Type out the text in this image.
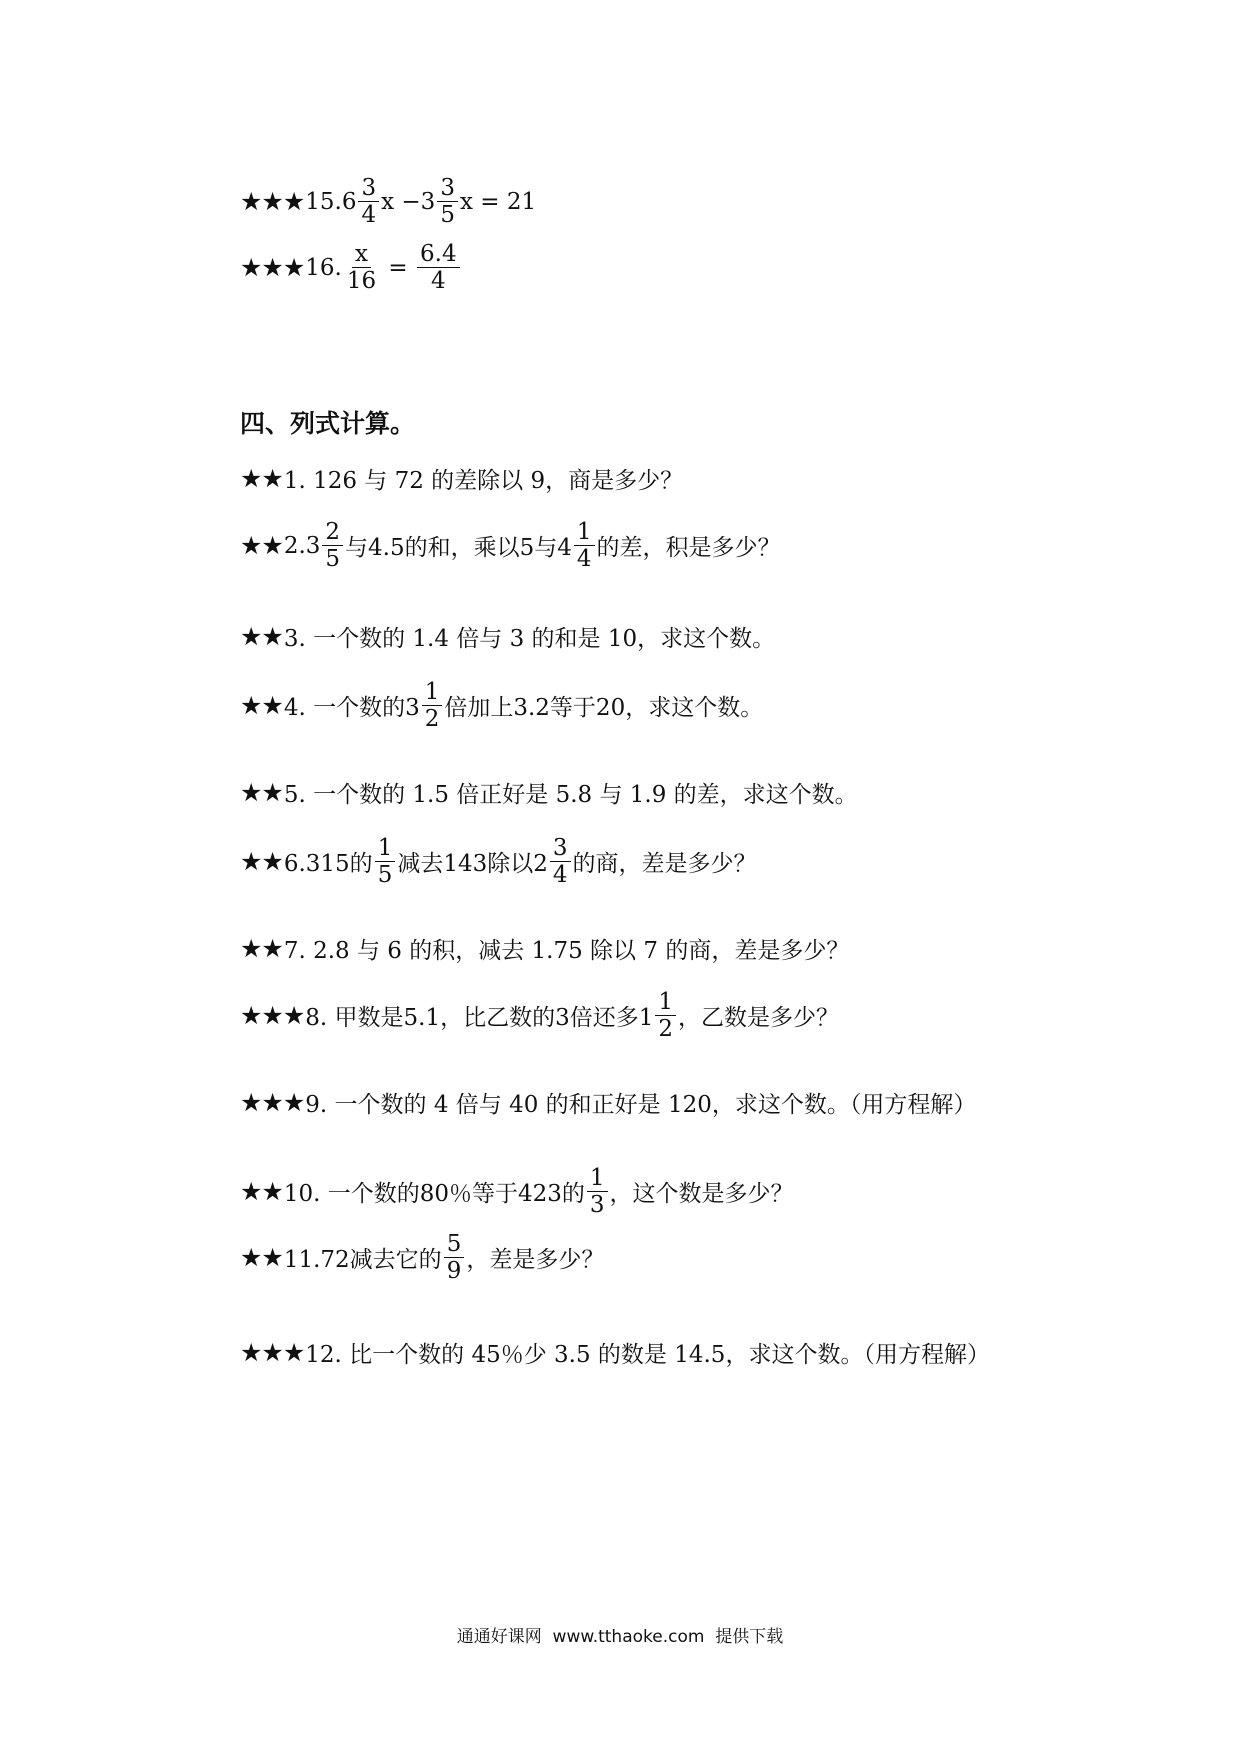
★★★ 15. $6 \frac{3}{4}$ $x - 3 \frac{3}{5}$ x = 21
★★★ 16. $\frac{x}{16} = \frac{6.4}{4}$
四、列式计算。
★★ 1. 126 与 72 的差除以 9，商是多少？
★★ $2.3 \frac{2}{5}$ 与4.5的和，乘以5与$4 \frac{1}{4}$ 的差，积是多少？
★★ 3. 一个数的 1.4 倍与 3 的和是 10，求这个数。
★★ 4. 一个数的$3 \frac{1}{2}$ 倍加上3.2等于20，求这个数。
★★ 5. 一个数的 1.5 倍正好是 5.8 与 1.9 的差，求这个数。
★★ 6.315的 $\frac{1}{5}$ 减去143除以$2 \frac{3}{4}$ 的商，差是多少？
★★ 7. 2.8 与 6 的积，减去 1.75 除以 7 的商，差是多少？
★★★ 8. 甲数是5.1，比乙数的3倍还多$1 \frac{1}{2}$ ，乙数是多少？
★★★ 9. 一个数的 4 倍与 40 的和正好是 120，求这个数。（用方程解）
★★ 10. 一个数的80％等于423的 $\frac{1}{3}$ ，这个数是多少？
★★ 11.72减去它的 $\frac{5}{9}$ ，差是多少？
★★★ 12. 比一个数的 45％少 3.5 的数是 14.5，求这个数。（用方程解）
通通好课网  www.tthaoke.com  提供下载
